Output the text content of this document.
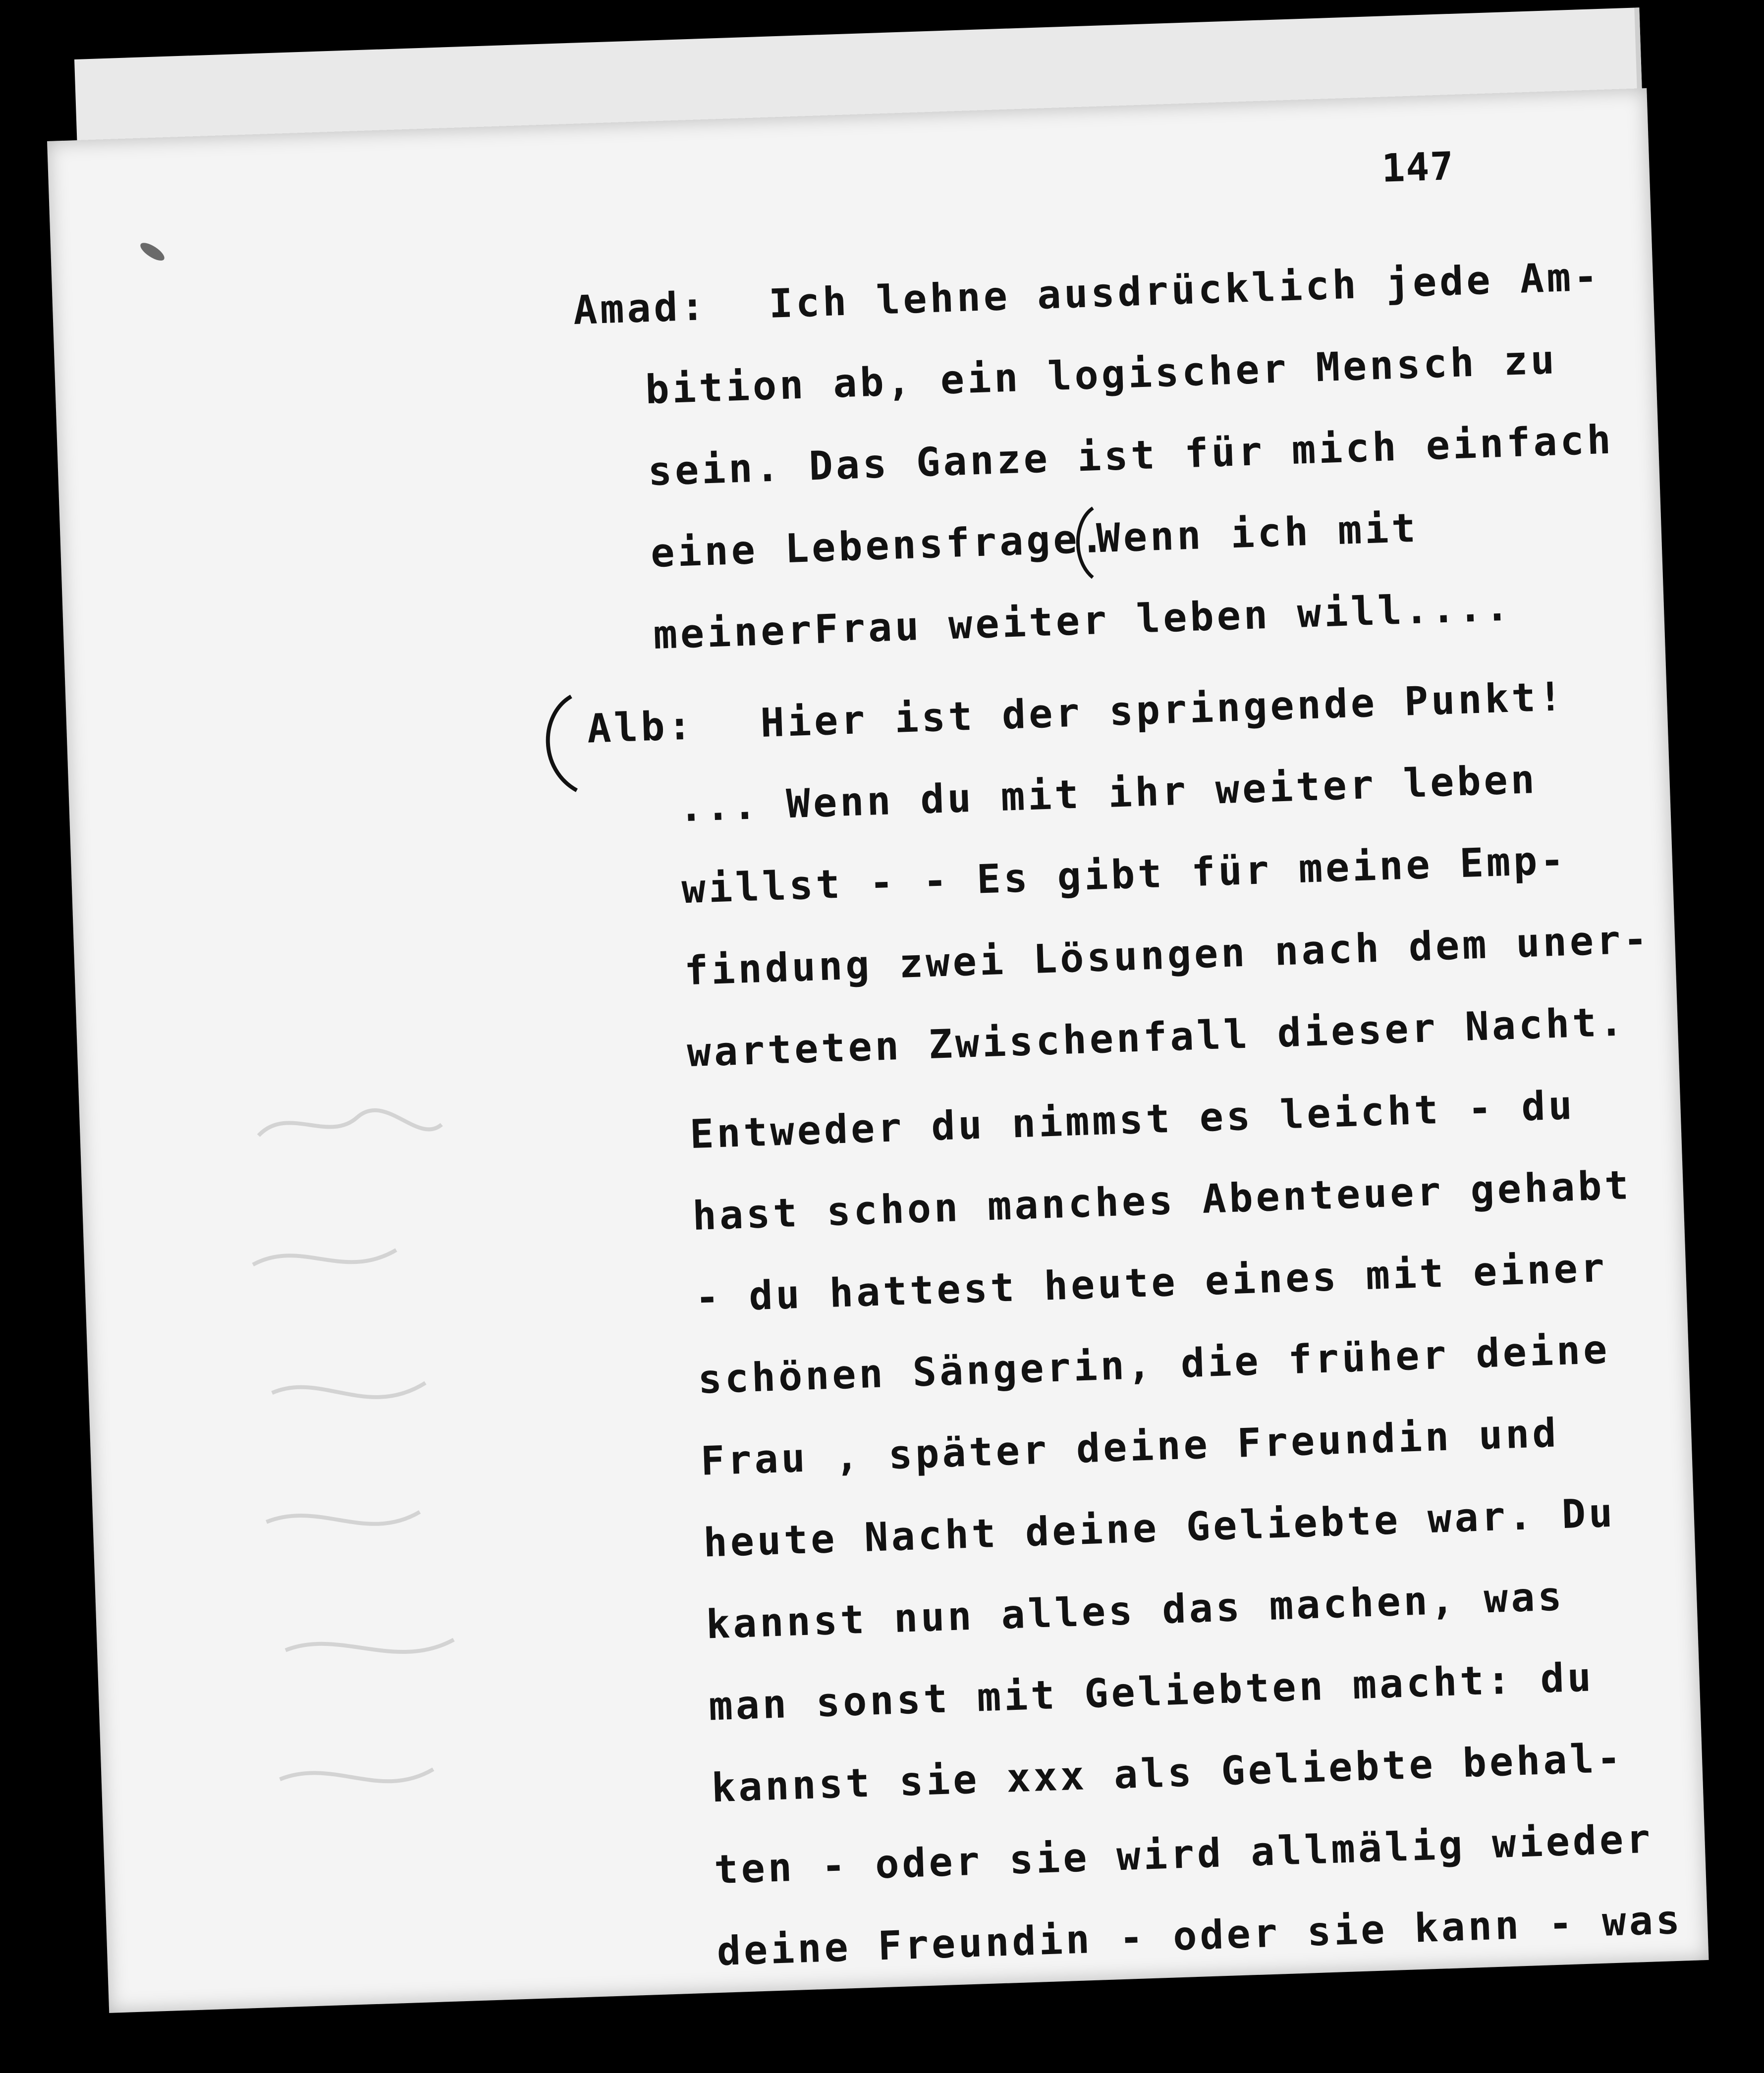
147

Amad: Ich lehne ausdrücklich jede Am-

bition ab, ein logischer Mensch zu

sein. Das Ganze ist für mich einfach

eine Lebensfrage.

Wenn ich mit

meinerFrau weiter leben will....

Alb: Hier ist der springende Punkt!

... Wenn du mit ihr weiter leben

willst - - Es gibt für meine Emp-

findung zwei Lösungen nach dem uner-

warteten Zwischenfall dieser Nacht.

Entweder du nimmst es leicht - du

hast schon manches Abenteuer gehabt

- du hattest heute eines mit einer

schönen Sängerin, die früher deine

Frau , später deine Freundin und

heute Nacht deine Geliebte war. Du

kannst nun alles das machen, was

man sonst mit Geliebten macht: du

kannst sie xxx als Geliebte behal-

ten - oder sie wird allmälig wieder

deine Freundin - oder sie kann - was
